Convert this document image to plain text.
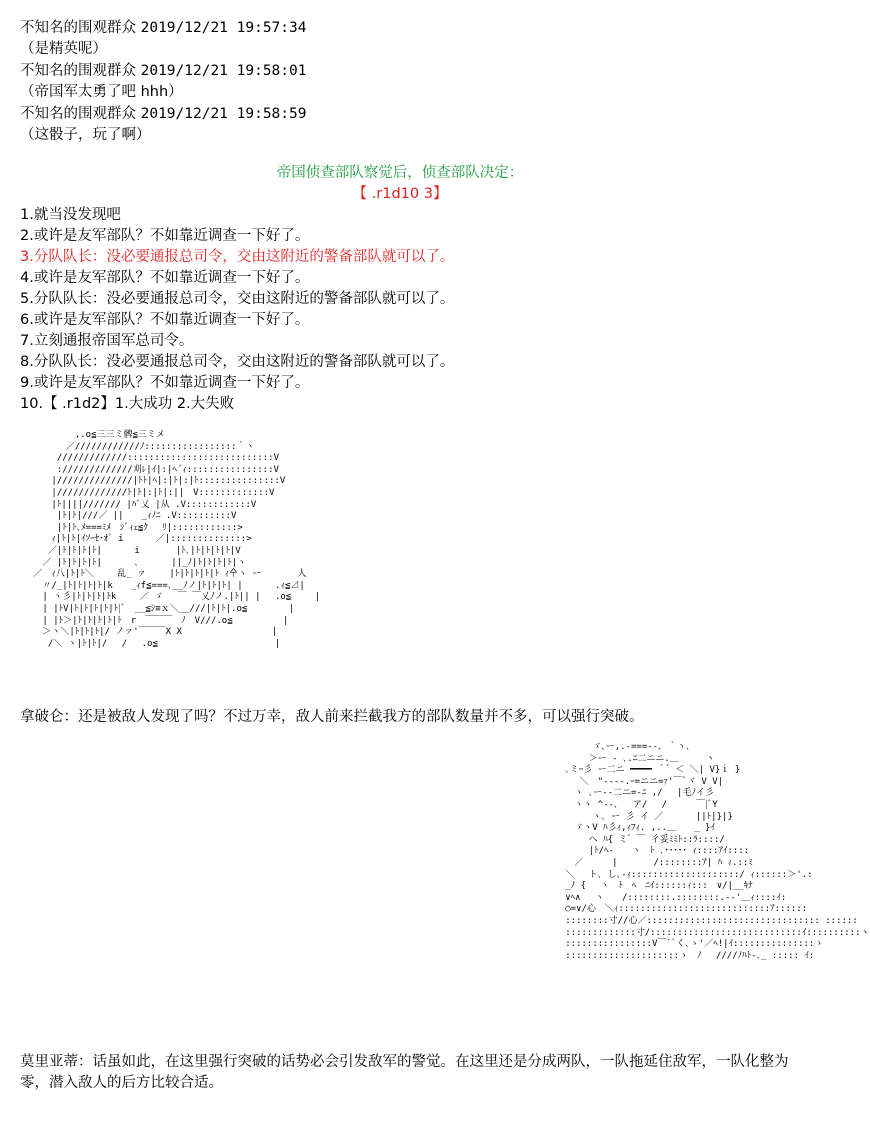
不知名的围观群众 2019/12/21 19:57:34
（是精英呢）
不知名的围观群众 2019/12/21 19:58:01
（帝国军太勇了吧 hhh）
不知名的围观群众 2019/12/21 19:58:59
（这骰子，玩了啊）
帝国侦查部队察觉后，侦查部队决定：
【 .r1d10 3】
1.就当没发现吧
2.或许是友军部队？不如靠近调查一下好了。
3.分队队长：没必要通报总司令，交由这附近的警备部队就可以了。
4.或许是友军部队？不如靠近调查一下好了。
5.分队队长：没必要通报总司令，交由这附近的警备部队就可以了。
6.或许是友军部队？不如靠近调查一下好了。
7.立刻通报帝国军总司令。
8.分队队长：没必要通报总司令，交由这附近的警备部队就可以了。
9.或许是友军部队？不如靠近调查一下好了。
10.【 .r1d2】1.大成功 2.大失败
　　　　 ,.o≦三三ミ髀≦三ミメ
　　　 ／////////////ﾉ:::::::::::::::::｀ヽ
　　 /////////////:::::::::::::::::::::::::::V
　　 ://///////////刈ﾚ|ｲ|:|ﾍ´ｨ::::::::::::::::V
　　|//////////////|ﾄﾄ|ﾍ|:|ﾄ|:|ﾄ:::::::::::::::V
　　|/////////////ﾄ|ﾄ|:|ﾄ|:||　V:::::::::::::V
　　|ﾄ||||/////// |ﾊﾞ乂 |从 .V::::::::::::V
　　 |ﾄ|ﾄ|///／ ||　　_ｨﾉﾆ .V::::::::::V
　　 |ﾄ|ﾄ､ﾒ===ﾐﾒ　ｼﾞｨｪ≦ｸ　 ﾘ|::::::::::::>
　　ｨ|ﾄ|ﾄ|ｲｿｰｾ･ｵﾞ i　　　 ／|::::::::::::::>
　 ／|ﾄ|ﾄ|ﾄ|ﾄ|　　　 i　　　　|ﾄ､|ﾄ|ﾄ|ﾄ|ﾄ|V
　／ |ﾄ|ﾄ|ﾄ|ﾄ|　　　 ､　　　 ||_ﾉ|ﾄ|ﾄ|ﾄ|ﾄ|ヽ
／　ｨ八|ﾄ|ﾄ＼　　 乱_ ァ　　 |ﾄ|ﾄ|ﾄ|ﾄ|ﾄ ｨ㐃ヽ ー　　　　人
　〃/_|ﾄ|ﾄ|ﾄ|ﾄ|k　　_ｨf≦===､__ﾉノ|ﾄ|ﾄ|ﾄ| |　　　 .ｨ≦⊿|
　| ヽ彡|ﾄ|ﾄ|ﾄ|ﾄk　　 ／ ゞ　 ￣ ￣乂ﾉノ.|ﾄ|| |　 .o≦　　 |
　| |ﾄV|ﾄ|ﾄ|ﾄ|ﾄ|ﾄ|ﾞ　__≦ｼ≡ｘ＼__///|ﾄ|ﾄ|.o≦　　　　 |
　| |ﾄ＞|ﾄ|ﾄ|ﾄ|ﾄ|ﾄ　r　￣￣￣　ﾉ　V///.o≦　　　　　 |
　＞ヽ＼|ﾄ|ﾄ|ﾄ|/ ノァ'￣￣￣X X　　　　　　　　　　|
　 /＼ ヽ|ﾄ|ﾄ|/　 /　 .o≦　　　　　　　　　　　　　|
拿破仑：还是被敌人发现了吗？不过万幸，敌人前来拦截我方的部队数量并不多，可以强行突破。
　 　　　ゞ､ー,.-===‐-､ ｀ヽ､
　 　　 ＞ー ‐ ､.ﾆ二ニニ.＿　　　ヽ
　 ､ミｰ彡 ー二ニ ━━━━ ｀゛＜ ＼| V}ｉ }
　 　 ＼　"‐‐‐‐.ｰ=ニニ=ｧ'￣ﾞヾ V V|
　 　ヽ ､ー‐‐二ニ=-ﾆ ,/　 |毛ﾉイ彡
　 　ヽヽ ^‐-､ 　ア/　 / 　　 ￣|ﾞY
　 　　　ヽ､ ー 彡 イ ／ 　　　||ﾄ|}|}
　 　ゞヽV ﾊ彡ｨ,ｨﾌｨ. ,..＿　　_ }ｲ
　 　　 ヘ ﾊ{ ミ゛￣ 彳妥ﾐﾐﾄ::ﾗ::::/
　 　　 |ﾄ/ﾍ-　　ヽ　ﾄ ､･････ ｨ::::ｱｲ::::
　 　／ 　　 |　　　　/::::::::ｱ| ﾊ ｨ.::ﾐ
　 ＼　 ト､ し､-ｨ::::::::::::::::::::/ ｨ::::::＞'.:
　 _ﾉ {　 ヽ　ﾄ　ﾍ　ﾆｲ::::::ｨ:::　∨/|__ｷﾅ
　 ∨ﾍ∧　 ヽ　　/::::::::.::::::::.--'＿ｨ::::ｲ:
　 ○=∨/心　＼ｨ::::::::::::::::::::::::::::ｱ::::::
　 ::::::::寸//心／:::::::::::::::::::::::::::::::: ::::::
　 :::::::::::::寸/::::::::::::::::::::::::::::ｲ::::::::::ヽ
　 ::::::::::::::::V￣`ﾞく､ゝ'／ﾍ!|ｲ:::::::::::::::ゝ
　 :::::::::::::::::::::ゝ　ﾉ　 ////ﾉﾊﾄ-､_ ::::: ｲ:
莫里亚蒂：话虽如此，在这里强行突破的话势必会引发敌军的警觉。在这里还是分成两队，一队拖延住敌军，一队化整为零，潜入敌人的后方比较合适。
